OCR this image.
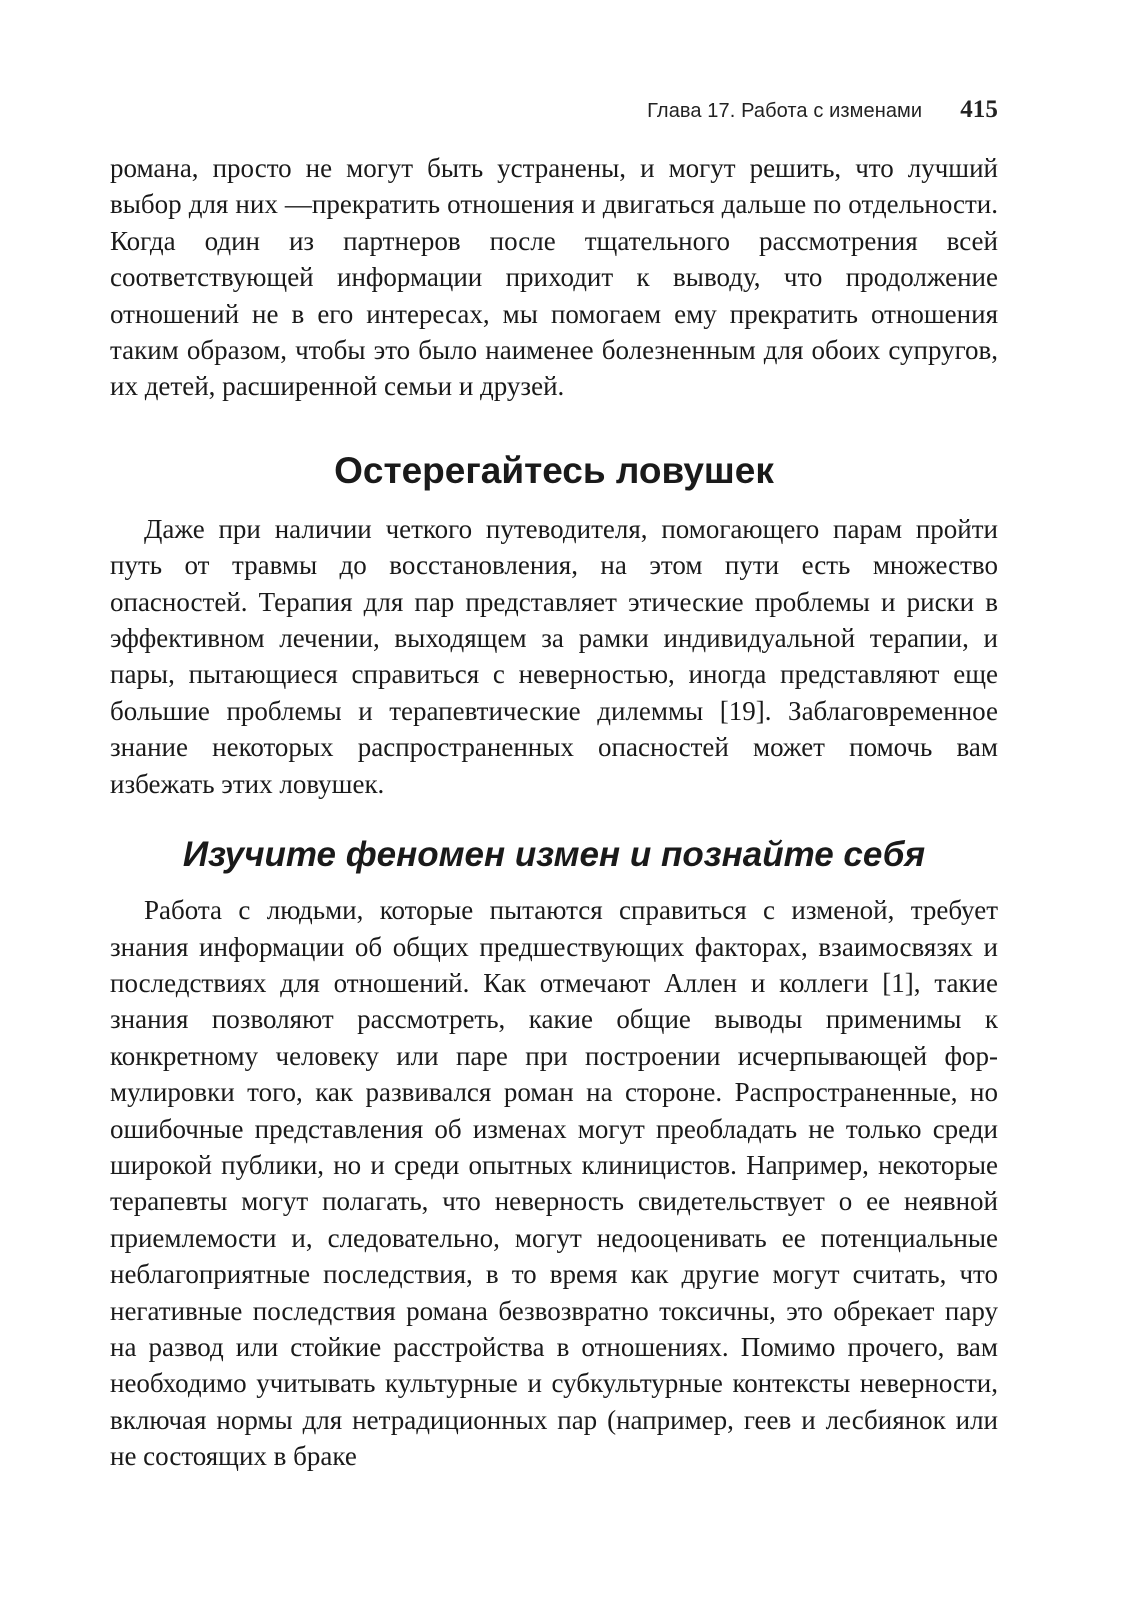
Глава 17. Работа с изменами 415

романа, просто не могут быть устранены, и могут решить, что лучший выбор для них —прекратить отношения и двигаться дальше по отдельности. Когда один из партнеров после тщательного рассмотрения всей соответствующей информации приходит к выводу, что продолжение отношений не в его интересах, мы помогаем ему прекратить отношения таким образом, чтобы это было наименее болезненным для обоих супругов, их детей, расширенной семьи и друзей.

Остерегайтесь ловушек

Даже при наличии четкого путеводителя, помогающего парам пройти путь от травмы до восстановления, на этом пути есть множество опасностей. Терапия для пар представляет этические проблемы и риски в эффективном лечении, выходящем за рамки индивидуальной терапии, и пары, пытающиеся справиться с неверностью, иногда представляют еще большие проблемы и терапевтические дилеммы [19]. Заблаговременное знание некоторых распространенных опасностей может помочь вам избежать этих ловушек.

Изучите феномен измен и познайте себя

Работа с людьми, которые пытаются справиться с изменой, требует знания информации об общих предшествующих факторах, взаимосвязях и последствиях для отношений. Как отмечают Аллен и коллеги [1], такие знания позволяют рассмотреть, какие общие выводы применимы к конкретному человеку или паре при построении исчерпывающей формулировки того, как развивался роман на стороне. Распространенные, но ошибочные представления об изменах могут преобладать не только среди широкой публики, но и среди опытных клиницистов. Например, некоторые терапевты могут полагать, что неверность свидетельствует о ее неявной приемлемости и, следовательно, могут недооценивать ее потенциальные неблагоприятные последствия, в то время как другие могут считать, что негативные последствия романа безвозвратно токсичны, это обрекает пару на развод или стойкие расстройства в отношениях. Помимо прочего, вам необходимо учитывать культурные и субкультурные контексты неверности, включая нормы для нетрадиционных пар (например, геев и лесбиянок или не состоящих в браке
